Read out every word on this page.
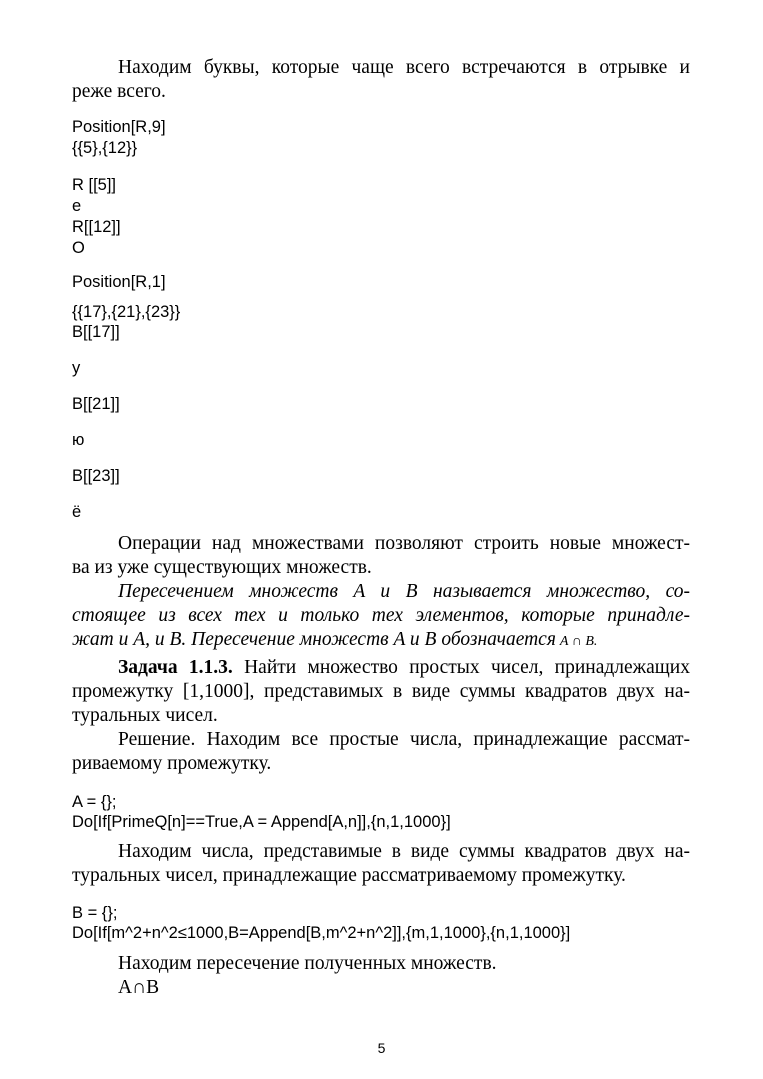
Находим буквы, которые чаще всего встречаются в отрывке и
реже всего.
Position[R,9]
{{5},{12}}
R [[5]]
е
R[[12]]
О
Position[R,1]
{{17},{21},{23}}
B[[17]]
у
B[[21]]
ю
B[[23]]
ё
Операции над множествами позволяют строить новые множест-
ва из уже существующих множеств.
Пересечением множеств A и B называется множество, со-
стоящее из всех тех и только тех элементов, которые принадле-
жат и A, и B. Пересечение множеств A и B обозначается A ∩ B.
Задача 1.1.3. Найти множество простых чисел, принадлежащих
промежутку [1,1000], представимых в виде суммы квадратов двух на-
туральных чисел.
Решение. Находим все простые числа, принадлежащие рассмат-
риваемому промежутку.
A = {};
Do[If[PrimeQ[n]==True,A = Append[A,n]],{n,1,1000}]
Находим числа, представимые в виде суммы квадратов двух на-
туральных чисел, принадлежащие рассматриваемому промежутку.
B = {};
Do[If[m^2+n^2≤1000,B=Append[B,m^2+n^2]],{m,1,1000},{n,1,1000}]
Находим пересечение полученных множеств.
A∩B
5
